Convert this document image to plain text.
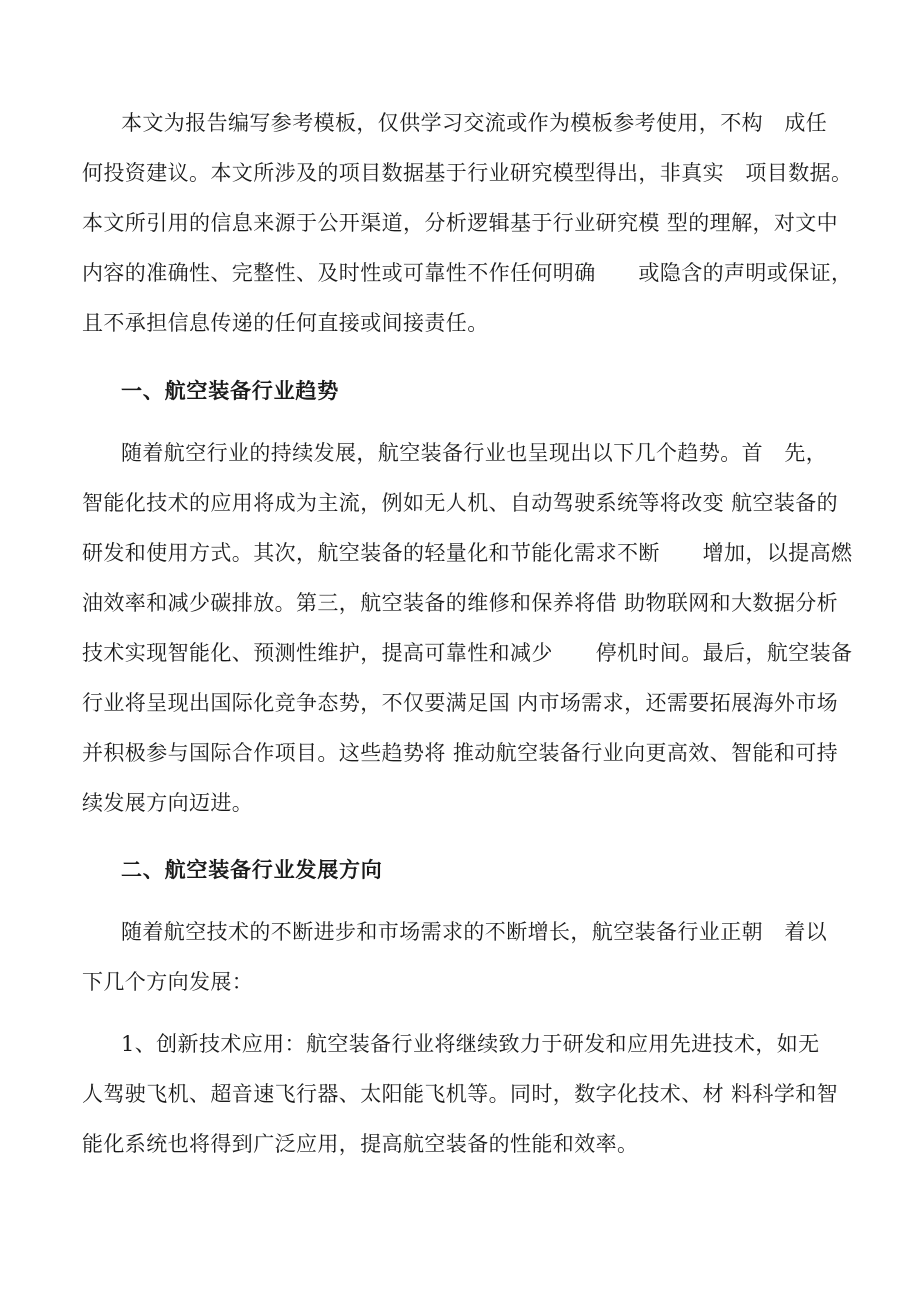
本文为报告编写参考模板，仅供学习交流或作为模板参考使用，不构　成任

何投资建议。本文所涉及的项目数据基于行业研究模型得出，非真实　项目数据。

本文所引用的信息来源于公开渠道，分析逻辑基于行业研究模 型的理解，对文中

内容的准确性、完整性、及时性或可靠性不作任何明确　　或隐含的声明或保证，

且不承担信息传递的任何直接或间接责任。

一、航空装备行业趋势

随着航空行业的持续发展，航空装备行业也呈现出以下几个趋势。首　先，

智能化技术的应用将成为主流，例如无人机、自动驾驶系统等将改变 航空装备的

研发和使用方式。其次，航空装备的轻量化和节能化需求不断　　增加，以提高燃

油效率和减少碳排放。第三，航空装备的维修和保养将借 助物联网和大数据分析

技术实现智能化、预测性维护，提高可靠性和减少　　停机时间。最后，航空装备

行业将呈现出国际化竞争态势，不仅要满足国 内市场需求，还需要拓展海外市场

并积极参与国际合作项目。这些趋势将 推动航空装备行业向更高效、智能和可持

续发展方向迈进。

二、航空装备行业发展方向

随着航空技术的不断进步和市场需求的不断增长，航空装备行业正朝　着以

下几个方向发展：

1、创新技术应用：航空装备行业将继续致力于研发和应用先进技术，如无

人驾驶飞机、超音速飞行器、太阳能飞机等。同时，数字化技术、材 料科学和智

能化系统也将得到广泛应用，提高航空装备的性能和效率。
